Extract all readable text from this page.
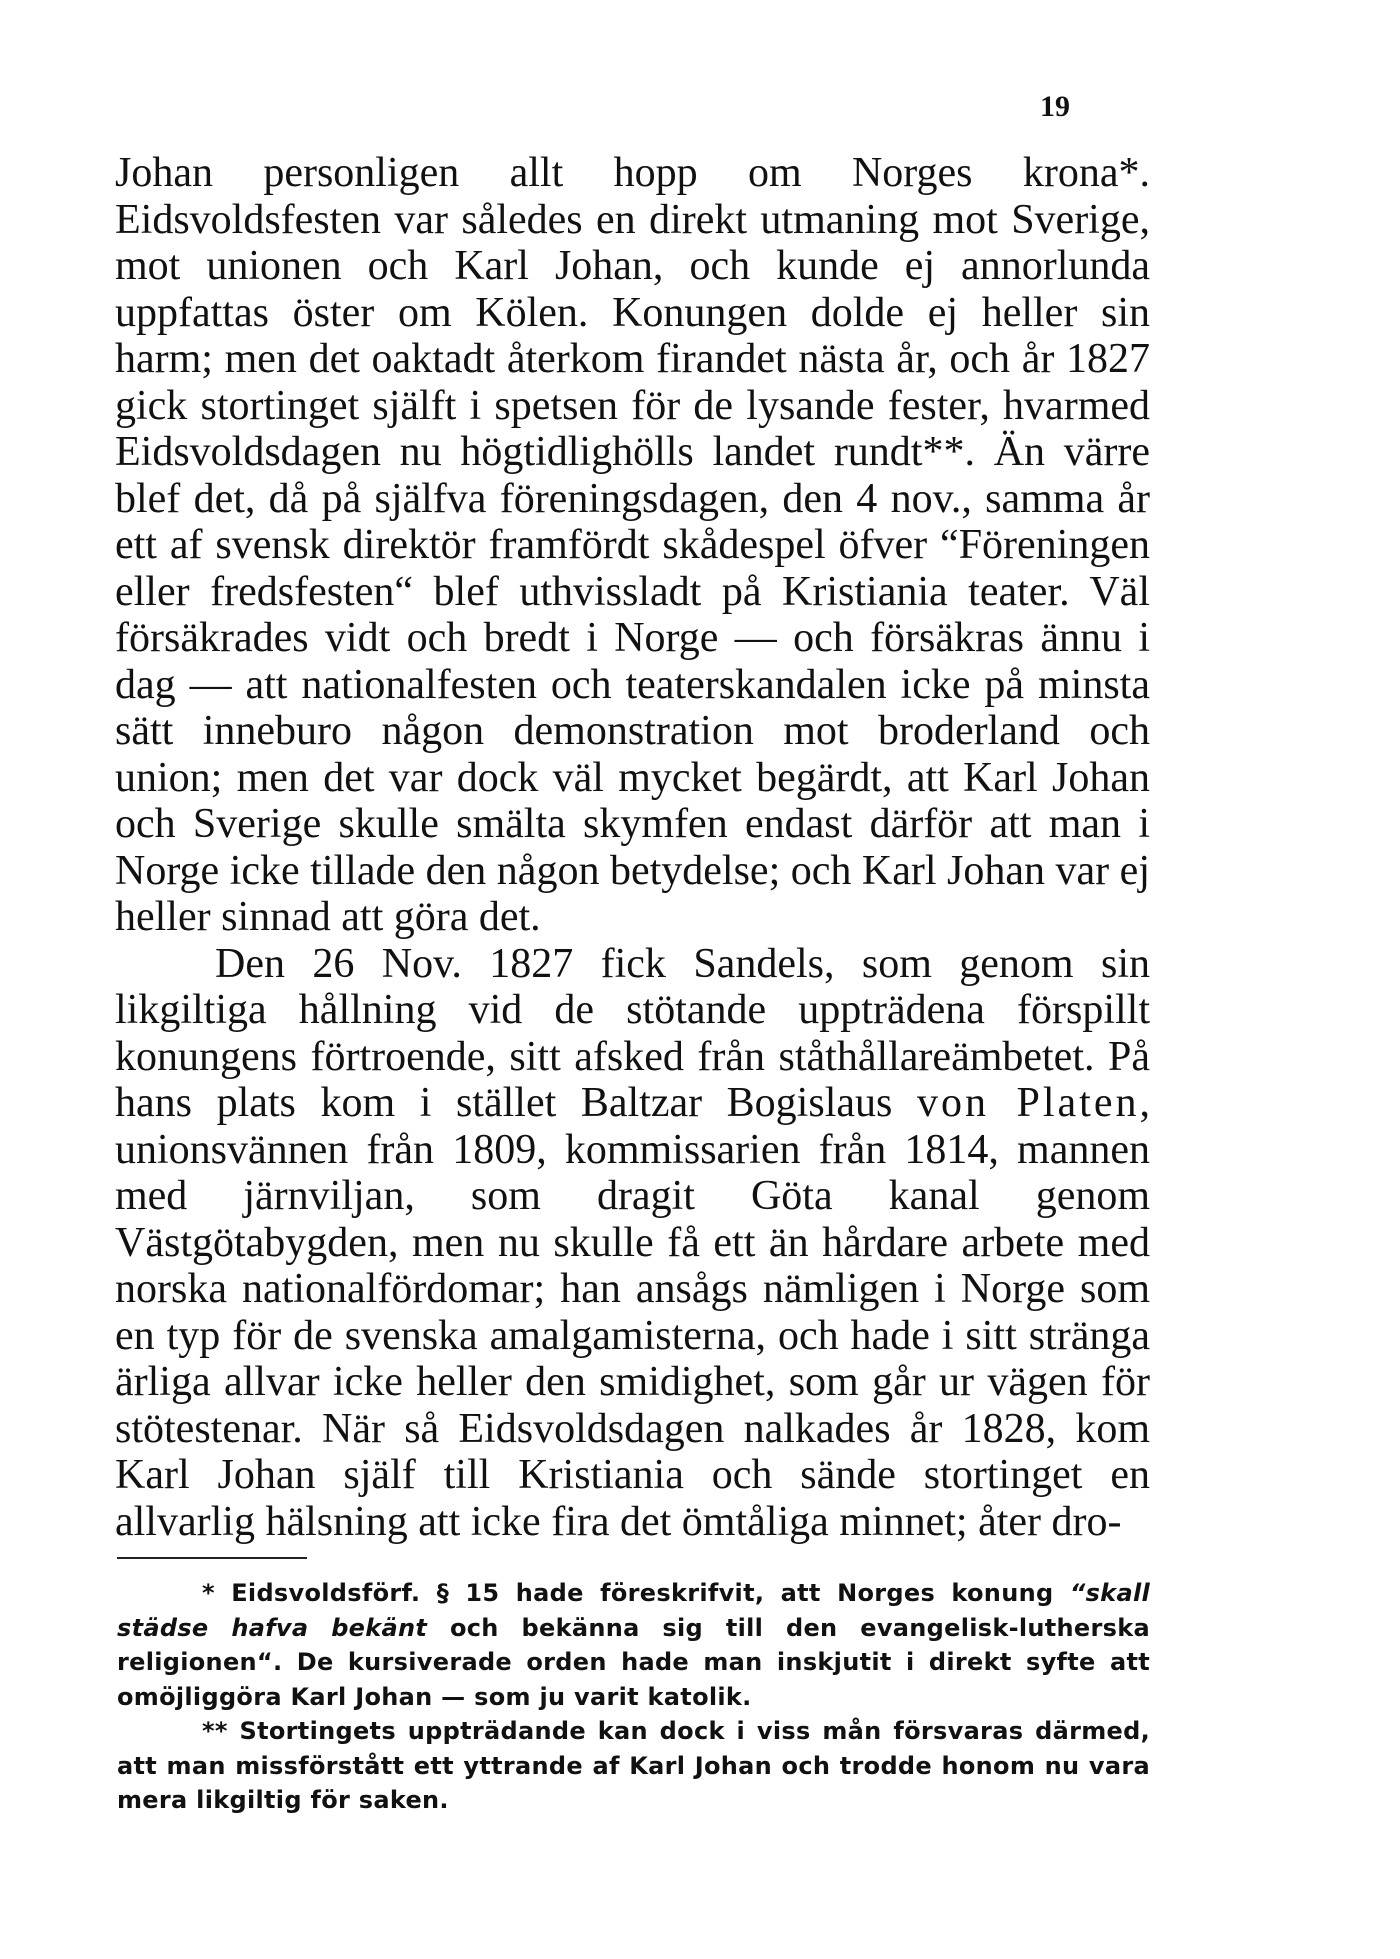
19

Johan personligen allt hopp om Norges krona*. Eidsvoldsfesten var således en direkt utmaning mot Sverige, mot unionen och Karl Johan, och kunde ej annorlunda uppfattas öster om Kölen. Konungen dolde ej heller sin harm; men det oaktadt återkom firandet nästa år, och år 1827 gick stortinget själft i spetsen för de lysande fester, hvarmed Eidsvoldsdagen nu högtidlighölls landet rundt**. Än värre blef det, då på själfva föreningsdagen, den 4 nov., samma år ett af svensk direktör framfördt skådespel öfver “Föreningen eller fredsfesten“ blef uthvissladt på Kristiania teater. Väl försäkrades vidt och bredt i Norge — och försäkras ännu i dag — att nationalfesten och teaterskandalen icke på minsta sätt inneburo någon demonstration mot broderland och union; men det var dock väl mycket begärdt, att Karl Johan och Sverige skulle smälta skymfen endast därför att man i Norge icke tillade den någon betydelse; och Karl Johan var ej heller sinnad att göra det.

Den 26 Nov. 1827 fick Sandels, som genom sin likgiltiga hållning vid de stötande uppträdena förspillt konungens förtroende, sitt afsked från ståthållareämbetet. På hans plats kom i stället Baltzar Bogislaus von Platen, unionsvännen från 1809, kommissarien från 1814, mannen med järnviljan, som dragit Göta kanal genom Västgötabygden, men nu skulle få ett än hårdare arbete med norska nationalfördomar; han ansågs nämligen i Norge som en typ för de svenska amalgamisterna, och hade i sitt stränga ärliga allvar icke heller den smidighet, som går ur vägen för stötestenar. När så Eidsvoldsdagen nalkades år 1828, kom Karl Johan själf till Kristiania och sände stortinget en allvarlig hälsning att icke fira det ömtåliga minnet; åter dro-

* Eidsvoldsförf. § 15 hade föreskrifvit, att Norges konung “skall städse hafva bekänt och bekänna sig till den evangelisk-lutherska religionen“. De kursiverade orden hade man inskjutit i direkt syfte att omöjliggöra Karl Johan — som ju varit katolik.

** Stortingets uppträdande kan dock i viss mån försvaras därmed, att man missförstått ett yttrande af Karl Johan och trodde honom nu vara mera likgiltig för saken.
